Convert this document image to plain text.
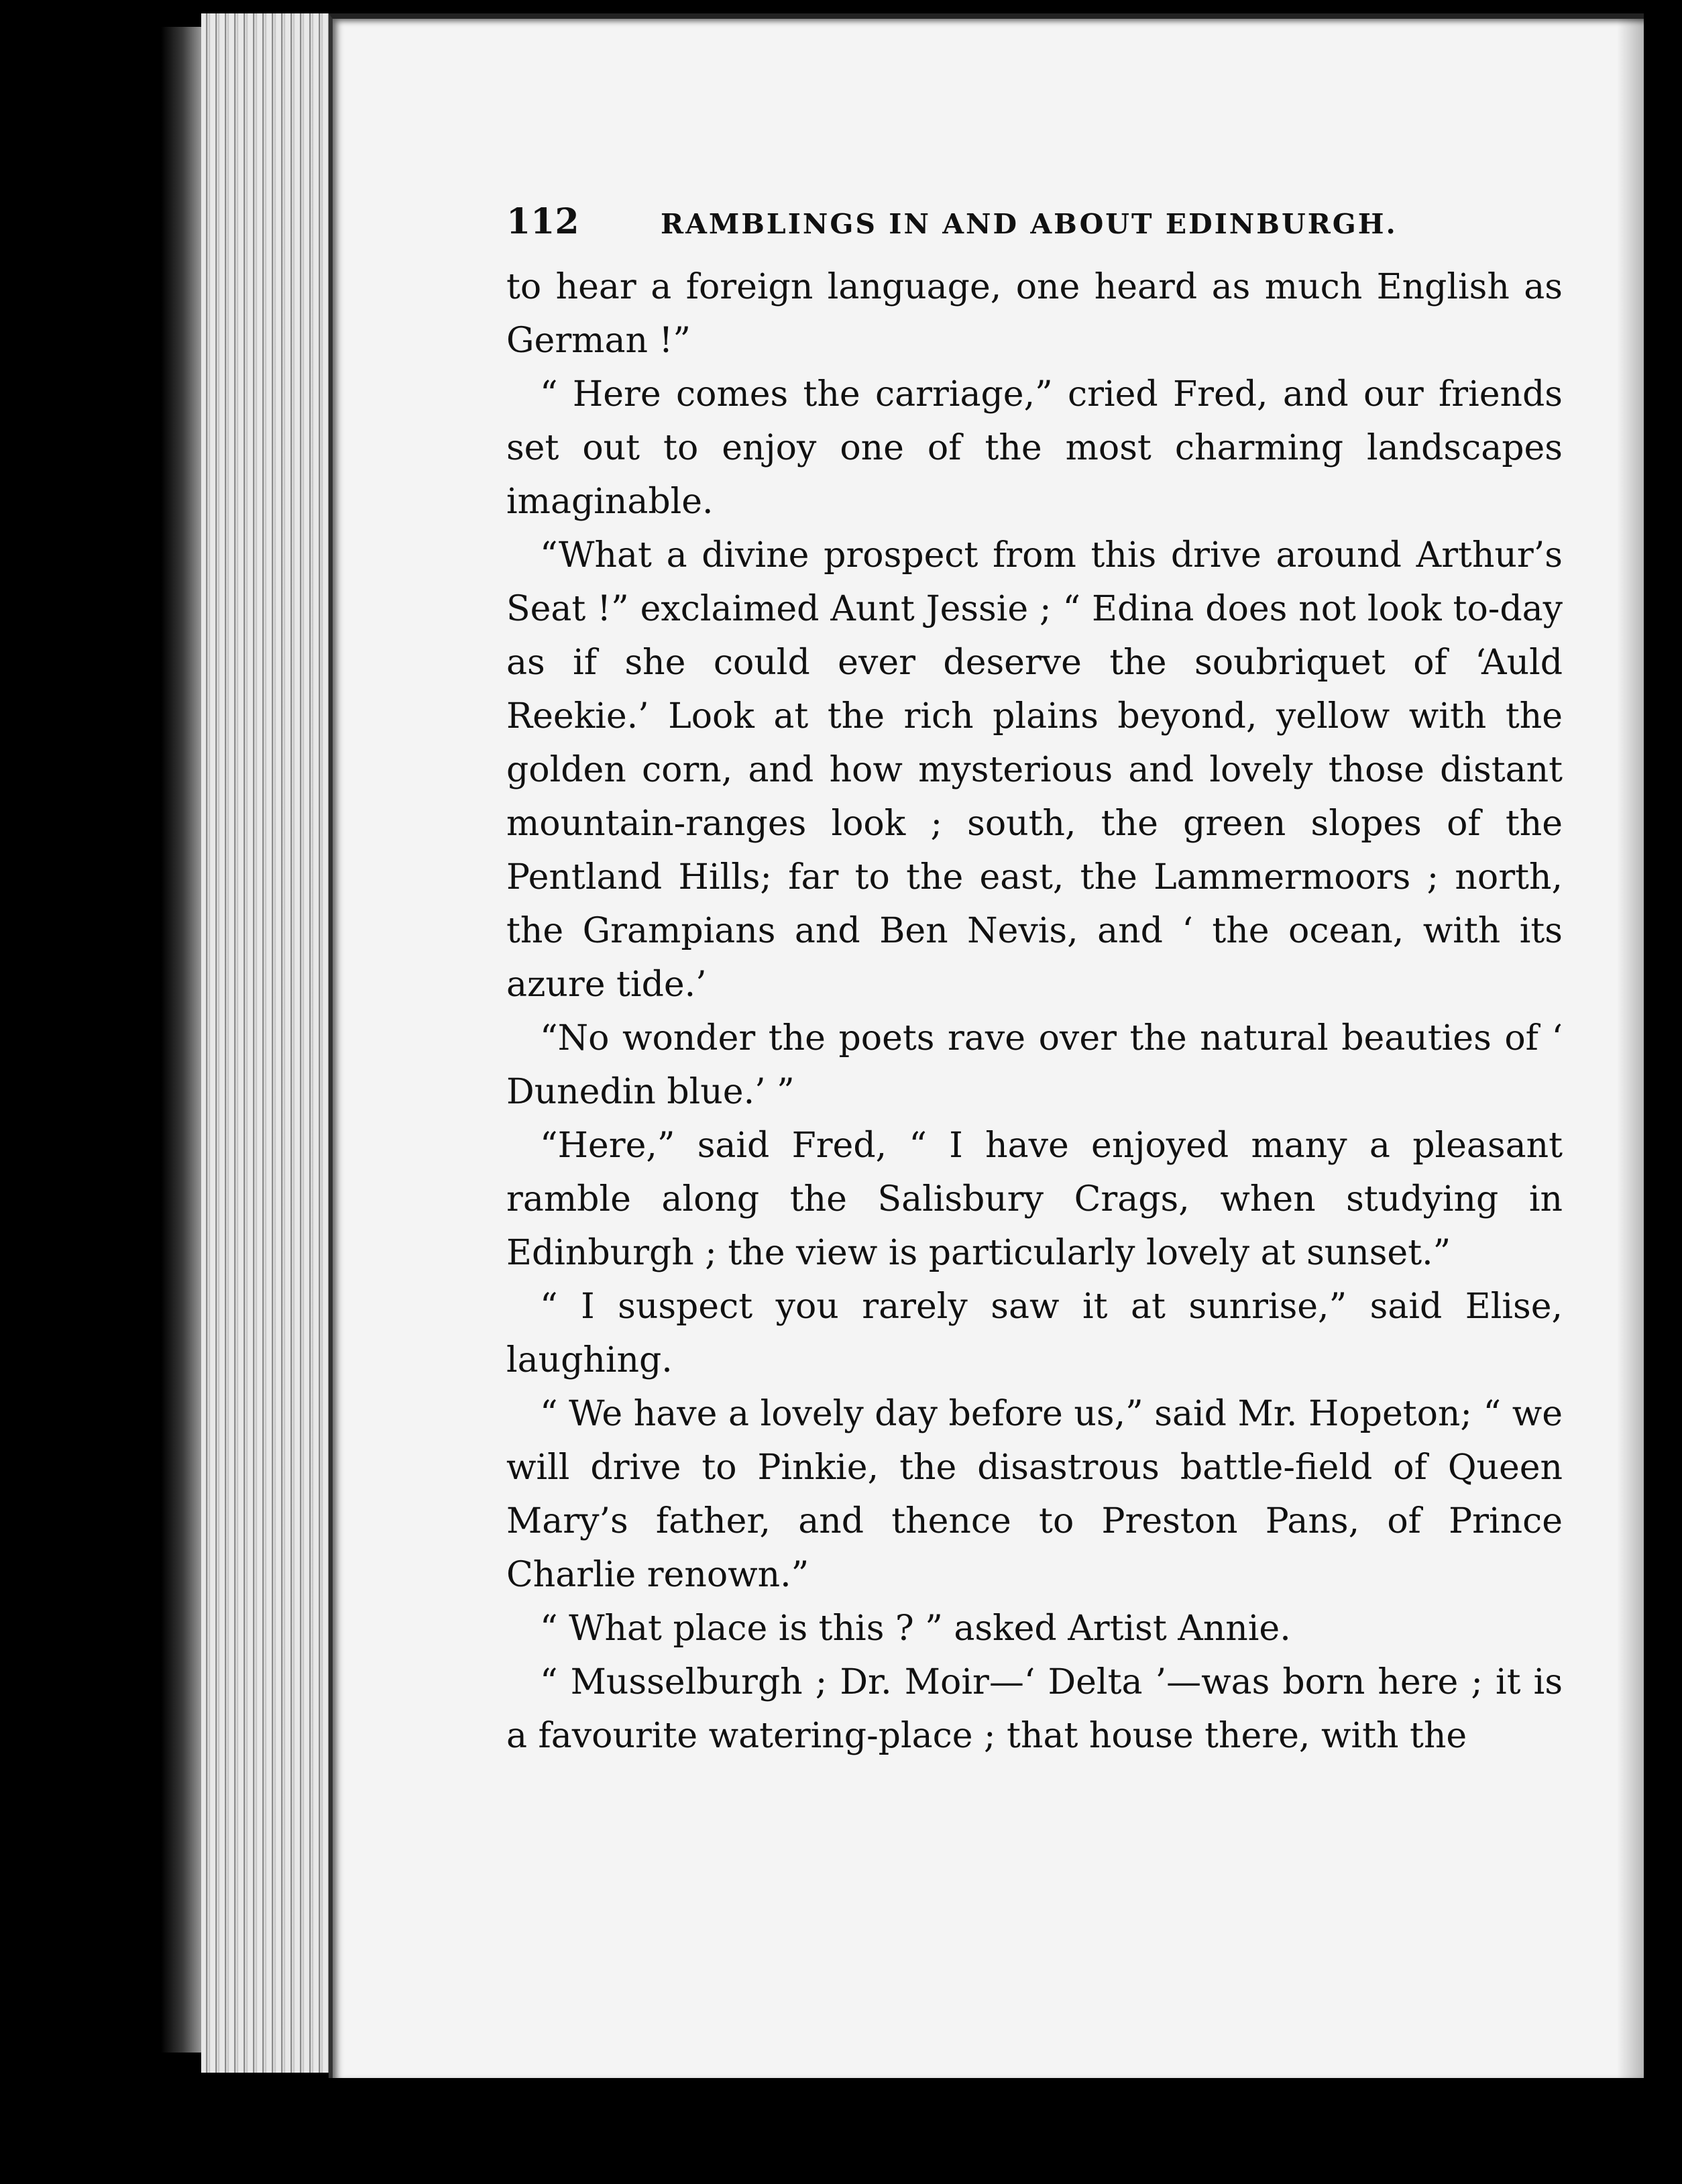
112	RAMBLINGS IN AND ABOUT EDINBURGH.

to hear a foreign language, one heard as much English as German !”

“ Here comes the carriage,” cried Fred, and our friends set out to enjoy one of the most charming landscapes imaginable.

“What a divine prospect from this drive around Arthur’s Seat !” exclaimed Aunt Jessie ; “ Edina does not look to-day as if she could ever deserve the soubriquet of ‘Auld Reekie.’ Look at the rich plains beyond, yellow with the golden corn, and how mysterious and lovely those distant mountain-ranges look ; south, the green slopes of the Pentland Hills; far to the east, the Lammermoors ; north, the Grampians and Ben Nevis, and ‘ the ocean, with its azure tide.’

“No wonder the poets rave over the natural beauties of ‘ Dunedin blue.’ ”

“Here,” said Fred, “ I have enjoyed many a pleasant ramble along the Salisbury Crags, when studying in Edinburgh ; the view is particularly lovely at sunset.”

“ I suspect you rarely saw it at sunrise,” said Elise, laughing.

“ We have a lovely day before us,” said Mr. Hopeton; “ we will drive to Pinkie, the disastrous battle-field of Queen Mary’s father, and thence to Preston Pans, of Prince Charlie renown.”

“ What place is this ? ” asked Artist Annie.

“ Musselburgh ; Dr. Moir—‘ Delta ’—was born here ; it is a favourite watering-place ; that house there, with the
